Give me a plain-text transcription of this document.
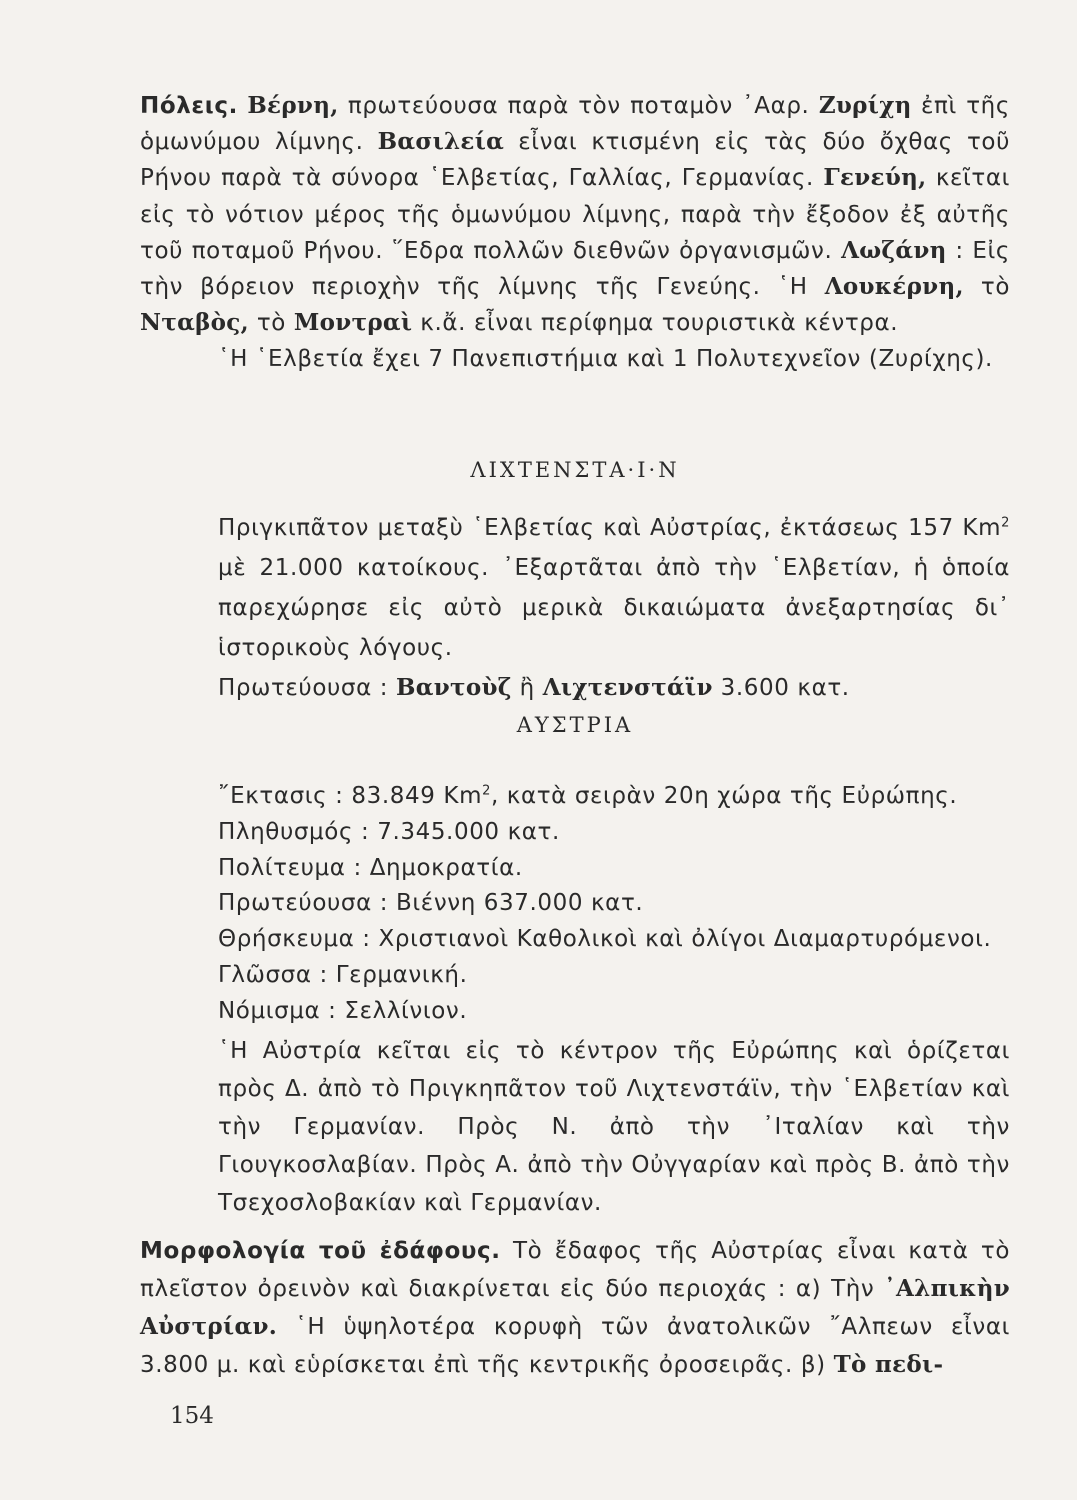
Πόλεις. Βέρνη, πρωτεύουσα παρὰ τὸν ποταμὸν ᾿Ααρ. Ζυρίχη ἐπὶ τῆς ὁμωνύμου λίμνης. Βασιλεία εἶναι κτισμένη εἰς τὰς δύο ὄχθας τοῦ Ρήνου παρὰ τὰ σύνορα ῾Ελβετίας, Γαλλίας, Γερμανίας. Γενεύη, κεῖται εἰς τὸ νότιον μέρος τῆς ὁμωνύμου λίμνης, παρὰ τὴν ἔξοδον ἐξ αὐτῆς τοῦ ποταμοῦ Ρήνου. ῞Εδρα πολλῶν διεθνῶν ὀργανισμῶν. Λωζάνη : Εἰς τὴν βόρειον περιοχὴν τῆς λίμνης τῆς Γενεύης. ῾Η Λουκέρνη, τὸ Νταβὸς, τὸ Μοντραὶ κ.ἄ. εἶναι περίφημα τουριστικὰ κέντρα.

῾Η ῾Ελβετία ἔχει 7 Πανεπιστήμια καὶ 1 Πολυτεχνεῖον (Ζυρίχης).

ΛΙΧΤΕΝΣΤΑ·Ι·Ν

Πριγκιπᾶτον μεταξὺ ῾Ελβετίας καὶ Αὐστρίας, ἐκτάσεως 157 Km$^2$ μὲ 21.000 κατοίκους. ᾿Εξαρτᾶται ἀπὸ τὴν ῾Ελβετίαν, ἡ ὁποία παρεχώρησε εἰς αὐτὸ μερικὰ δικαιώματα ἀνεξαρτησίας δι᾿ ἱστορικοὺς λόγους.

Πρωτεύουσα : Βαντοὺζ ἢ Λιχτενστάϊν 3.600 κατ.

ΑΥΣΤΡΙΑ

῎Εκτασις : 83.849 Km$^2$, κατὰ σειρὰν 20η χώρα τῆς Εὐρώπης.

Πληθυσμός : 7.345.000 κατ.

Πολίτευμα : Δημοκρατία.

Πρωτεύουσα : Βιέννη 637.000 κατ.

Θρήσκευμα : Χριστιανοὶ Καθολικοὶ καὶ ὀλίγοι Διαμαρτυρόμενοι.

Γλῶσσα : Γερμανική.

Νόμισμα : Σελλίνιον.

῾Η Αὐστρία κεῖται εἰς τὸ κέντρον τῆς Εὐρώπης καὶ ὁρίζεται πρὸς Δ. ἀπὸ τὸ Πριγκηπᾶτον τοῦ Λιχτενστάϊν, τὴν ῾Ελβετίαν καὶ τὴν Γερμανίαν. Πρὸς Ν. ἀπὸ τὴν ᾿Ιταλίαν καὶ τὴν Γιουγκοσλαβίαν. Πρὸς Α. ἀπὸ τὴν Οὐγγαρίαν καὶ πρὸς Β. ἀπὸ τὴν Τσεχοσλοβακίαν καὶ Γερμανίαν.

Μορφολογία τοῦ ἐδάφους. Τὸ ἔδαφος τῆς Αὐστρίας εἶναι κατὰ τὸ πλεῖστον ὀρεινὸν καὶ διακρίνεται εἰς δύο περιοχάς : α) Τὴν ᾿Αλπικὴν Αὐστρίαν. ῾Η ὑψηλοτέρα κορυφὴ τῶν ἀνατολικῶν ῎Αλπεων εἶναι 3.800 μ. καὶ εὑρίσκεται ἐπὶ τῆς κεντρικῆς ὀροσειρᾶς. β) Τὸ πεδι-

154
